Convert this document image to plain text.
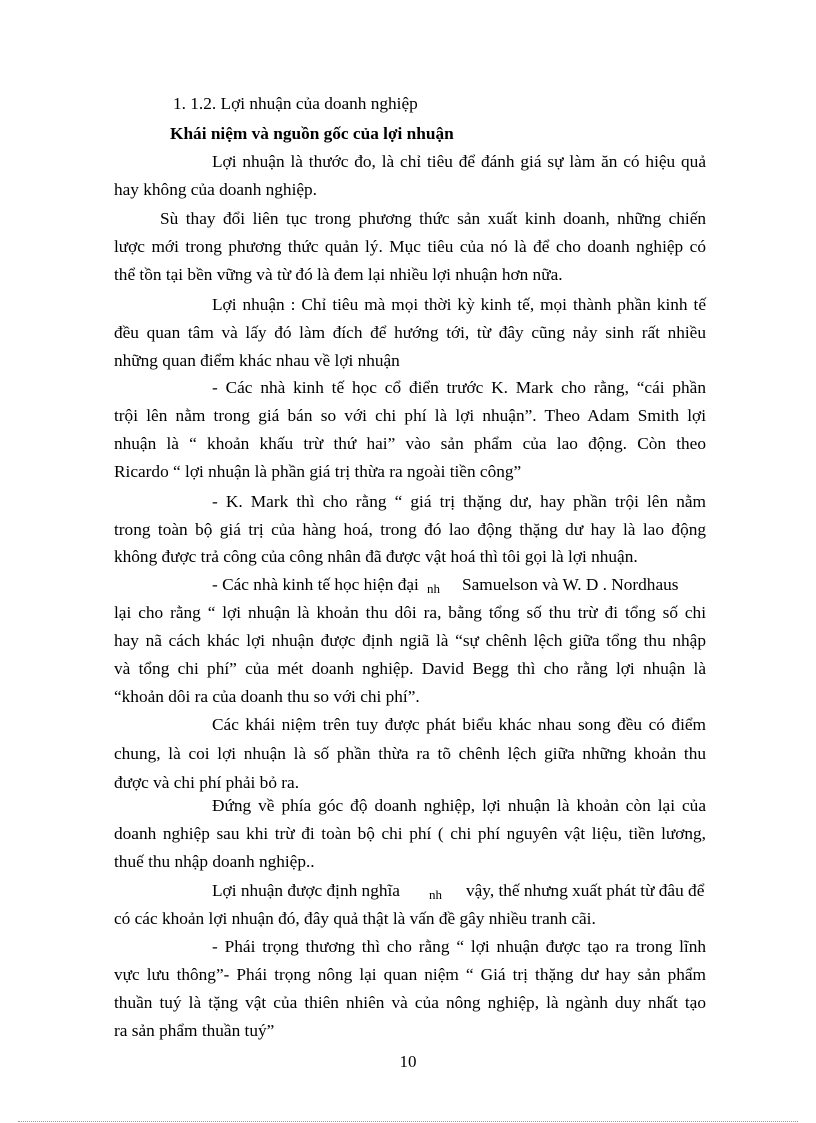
1. 1.2. Lợi nhuận của doanh nghiệp
Khái niệm và nguồn gốc của lợi nhuận
Lợi nhuận là thước đo, là chỉ tiêu để đánh giá sự làm ăn có hiệu quả
hay không của doanh nghiệp.
Sù thay đổi liên tục trong phương thức sản xuất kinh doanh, những chiến
lược mới trong phương thức quản lý. Mục tiêu của nó là để cho doanh nghiệp có
thể tồn tại bền vững và từ đó là đem lại nhiều lợi nhuận hơn nữa.
Lợi nhuận : Chỉ tiêu mà mọi thời kỳ kinh tế, mọi thành phần kinh tế
đều quan tâm và lấy đó làm đích để hướng tới, từ đây cũng nảy sinh rất nhiều
những quan điểm khác nhau về lợi nhuận
- Các nhà kinh tế học cổ điển trước K. Mark cho rằng, “cái phần
trội lên nằm trong giá bán so với chi phí là lợi nhuận”. Theo Adam Smith lợi
nhuận là “ khoản khấu trừ thứ hai” vào sản phẩm của lao động. Còn theo
Ricardo “ lợi nhuận là phần giá trị thừa ra ngoài tiền công”
- K. Mark thì cho rằng “ giá trị thặng dư, hay phần trội lên nằm
trong toàn bộ giá trị của hàng hoá, trong đó lao động thặng dư hay là lao động
không được trả công của công nhân đã được vật hoá thì tôi gọi là lợi nhuận.
- Các nhà kinh tế học hiện đại nh	Samuelson và W. D . Nordhaus
lại cho rằng “ lợi nhuận là khoản thu dôi ra, bằng tổng số thu trừ đi tổng số chi
hay nã cách khác lợi nhuận được định ngiã là “sự chênh lệch giữa tổng thu nhập
và tổng chi phí” của mét doanh nghiệp. David Begg thì cho rằng lợi nhuận là
“khoản dôi ra của doanh thu so với chi phí”.
Các khái niệm trên tuy được phát biểu khác nhau song đều có điểm
chung, là coi lợi nhuận là số phần thừa ra tõ chênh lệch giữa những khoản thu
được và chi phí phải bỏ ra.
Đứng về phía góc độ doanh nghiệp, lợi nhuận là khoản còn lại của
doanh nghiệp sau khi trừ đi toàn bộ chi phí ( chi phí nguyên vật liệu, tiền lương,
thuế thu nhập doanh nghiệp..
Lợi nhuận được định nghĩa	nh	vậy, thế nhưng xuất phát từ đâu để
có các khoản lợi nhuận đó, đây quả thật là vấn đề gây nhiều tranh cãi.
- Phái trọng thương thì cho rằng “ lợi nhuận được tạo ra trong lĩnh
vực lưu thông”- Phái trọng nông lại quan niệm “ Giá trị thặng dư hay sản phẩm
thuần tuý là tặng vật của thiên nhiên và của nông nghiệp, là ngành duy nhất tạo
ra sản phẩm thuần tuý”
10
